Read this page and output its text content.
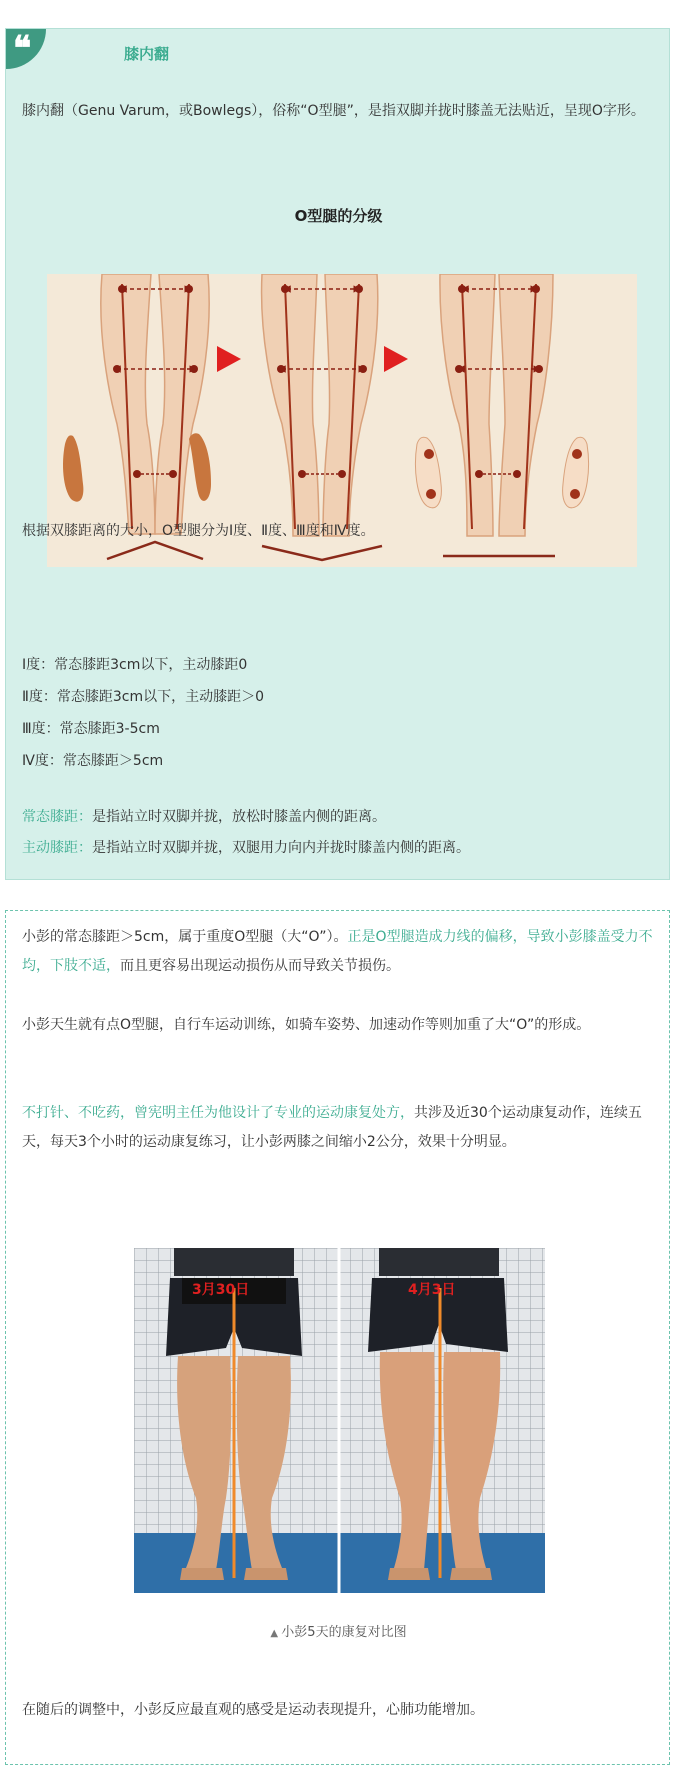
❝	膝内翻
膝内翻（Genu Varum，或Bowlegs），俗称“O型腿”，是指双脚并拢时膝盖无法贴近，呈现O字形。
O型腿的分级
根据双膝距离的大小，O型腿分为Ⅰ度、Ⅱ度、Ⅲ度和Ⅳ度。
Ⅰ度：常态膝距3cm以下，主动膝距0
Ⅱ度：常态膝距3cm以下，主动膝距＞0
Ⅲ度：常态膝距3-5cm
Ⅳ度：常态膝距＞5cm
常态膝距：是指站立时双脚并拢，放松时膝盖内侧的距离。
主动膝距：是指站立时双脚并拢，双腿用力向内并拢时膝盖内侧的距离。
小彭的常态膝距＞5cm，属于重度O型腿（大“O”）。正是O型腿造成力线的偏移，导致小彭膝盖受力不均，下肢不适，而且更容易出现运动损伤从而导致关节损伤。
小彭天生就有点O型腿，自行车运动训练，如骑车姿势、加速动作等则加重了大“O”的形成。
不打针、不吃药，曾宪明主任为他设计了专业的运动康复处方，共涉及近30个运动康复动作，连续五天，每天3个小时的运动康复练习，让小彭两膝之间缩小2公分，效果十分明显。
3月30日	4月3日
▲ 小彭5天的康复对比图
在随后的调整中，小彭反应最直观的感受是运动表现提升，心肺功能增加。
